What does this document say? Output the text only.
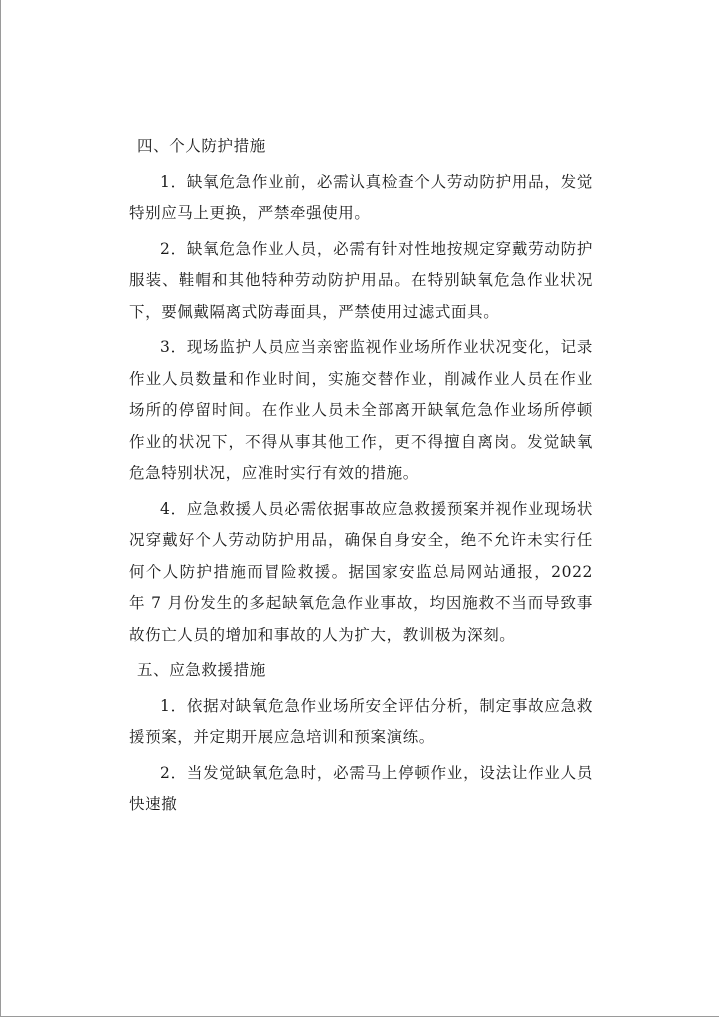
四、个人防护措施

1．缺氧危急作业前，必需认真检查个人劳动防护用品，发觉特别应马上更换，严禁牵强使用。

2．缺氧危急作业人员，必需有针对性地按规定穿戴劳动防护服装、鞋帽和其他特种劳动防护用品。在特别缺氧危急作业状况下，要佩戴隔离式防毒面具，严禁使用过滤式面具。

3．现场监护人员应当亲密监视作业场所作业状况变化，记录作业人员数量和作业时间，实施交替作业，削减作业人员在作业场所的停留时间。在作业人员未全部离开缺氧危急作业场所停顿作业的状况下，不得从事其他工作，更不得擅自离岗。发觉缺氧危急特别状况，应准时实行有效的措施。

4．应急救援人员必需依据事故应急救援预案并视作业现场状况穿戴好个人劳动防护用品，确保自身安全，绝不允许未实行任何个人防护措施而冒险救援。据国家安监总局网站通报，2022 年 7 月份发生的多起缺氧危急作业事故，均因施救不当而导致事故伤亡人员的增加和事故的人为扩大，教训极为深刻。

五、应急救援措施

1．依据对缺氧危急作业场所安全评估分析，制定事故应急救援预案，并定期开展应急培训和预案演练。

2．当发觉缺氧危急时，必需马上停顿作业，设法让作业人员快速撤
